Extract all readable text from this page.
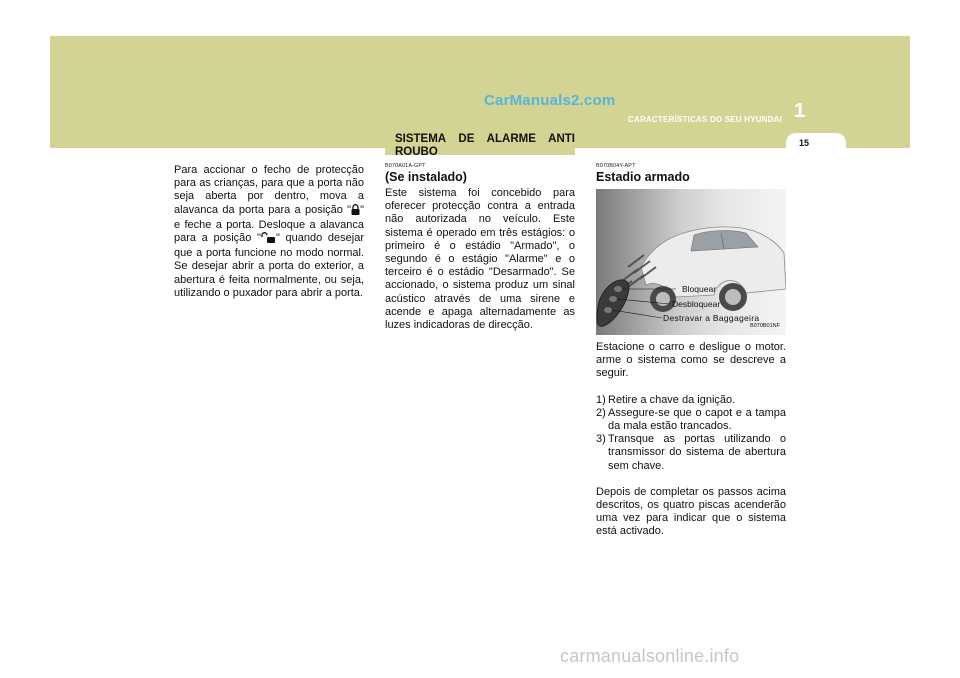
CarManuals2.com	1
CARACTERÍSTICAS DO SEU HYUNDAI
15
SISTEMA DE ALARME ANTI
ROUBO
Para accionar o fecho de protecção para as crianças, para que a porta não seja aberta por dentro, mova a alavanca da porta para a posição " " e feche a porta. Desloque a alavanca para a posição " " quando desejar que a porta funcione no modo normal. Se desejar abrir a porta do exterior, a abertura é feita normalmente, ou seja, utilizando o puxador para abrir a porta.
B070A01A-GPT
(Se instalado)

Este sistema foi concebido para oferecer protecção contra a entrada não autorizada no veículo. Este sistema é operado em três estágios: o primeiro é o estádio "Armado", o segundo é o estágio "Alarme" e o terceiro é o estádio "Desarmado". Se accionado, o sistema produz um sinal acústico através de uma sirene e acende e apaga alternadamente as luzes indicadoras de direcção.

B070B04Y-APT
Estadio armado
Bloquear
Desbloquear
Destravar a Baggageira
B070B01NF

Estacione o carro e desligue o motor. arme o sistema como se descreve a seguir.

1) Retire a chave da ignição.
2) Assegure-se que o capot e a tampa da mala estão trancados.
3) Transque as portas utilizando o transmissor do sistema de abertura sem chave.

Depois de completar os passos acima descritos, os quatro piscas acenderão uma vez para indicar que o sistema está activado.

carmanualsonline.info
